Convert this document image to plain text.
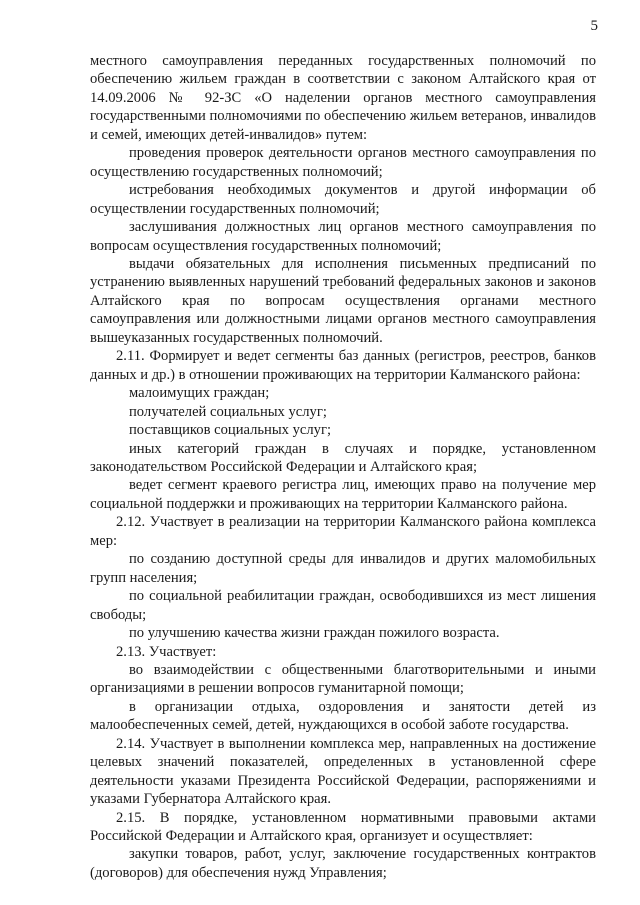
5

местного самоуправления переданных государственных полномочий по обеспечению жильем граждан в соответствии с законом Алтайского края от 14.09.2006 № 92-ЗС «О наделении органов местного самоуправления государственными полномочиями по обеспечению жильем ветеранов, инвалидов и семей, имеющих детей-инвалидов» путем:

проведения проверок деятельности органов местного самоуправления по осуществлению государственных полномочий;

истребования необходимых документов и другой информации об осуществлении государственных полномочий;

заслушивания должностных лиц органов местного самоуправления по вопросам осуществления государственных полномочий;

выдачи обязательных для исполнения письменных предписаний по устранению выявленных нарушений требований федеральных законов и законов Алтайского края по вопросам осуществления органами местного самоуправления или должностными лицами органов местного самоуправления вышеуказанных государственных полномочий.

2.11. Формирует и ведет сегменты баз данных (регистров, реестров, банков данных и др.) в отношении проживающих на территории Калманского района:

малоимущих граждан;

получателей социальных услуг;

поставщиков социальных услуг;

иных категорий граждан в случаях и порядке, установленном законодательством Российской Федерации и Алтайского края;

ведет сегмент краевого регистра лиц, имеющих право на получение мер социальной поддержки и проживающих на территории Калманского района.

2.12. Участвует в реализации на территории Калманского района комплекса мер:

по созданию доступной среды для инвалидов и других маломобильных групп населения;

по социальной реабилитации граждан, освободившихся из мест лишения свободы;

по улучшению качества жизни граждан пожилого возраста.

2.13. Участвует:

во взаимодействии с общественными благотворительными и иными организациями в решении вопросов гуманитарной помощи;

в организации отдыха, оздоровления и занятости детей из малообеспеченных семей, детей, нуждающихся в особой заботе государства.

2.14. Участвует в выполнении комплекса мер, направленных на достижение целевых значений показателей, определенных в установленной сфере деятельности указами Президента Российской Федерации, распоряжениями и указами Губернатора Алтайского края.

2.15. В порядке, установленном нормативными правовыми актами Российской Федерации и Алтайского края, организует и осуществляет:

закупки товаров, работ, услуг, заключение государственных контрактов (договоров) для обеспечения нужд Управления;
